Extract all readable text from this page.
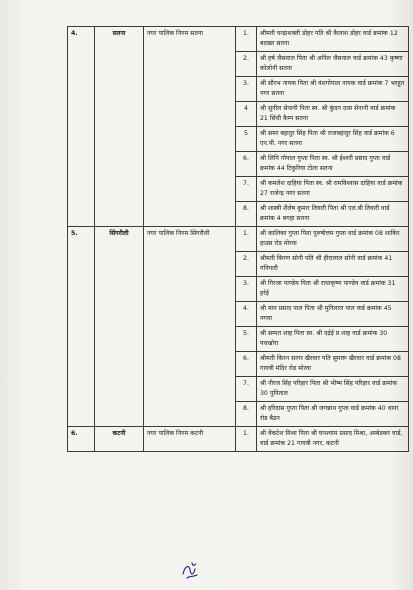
4.	सतना	नगर पालिक निगम सतना	1.	श्रीमती चन्द्राशक्ती डोहर पति श्री कैलाश डोहर वार्ड क्रमांक 12 बदखर सतना
			2.	श्री हर्ष जैसवाल पिता श्री अनिल जैसवाल वार्ड क्रमांक 43 कृष्णा कोलोनी सतना
			3.	श्री सौरभ नायक पिता श्री वंशगोपाल नायक वार्ड क्रमांक 7 भरहुत नगर सतना
			4	श्री सुनील सेनानी पिता स्व. श्री कुंदन दास सेनानी वार्ड क्रमांक 21 सिंधी कैम्प सतना
			5	श्री समर बहादुर सिंह पिता श्री राजबहादुर सिंह वार्ड क्रमांक 6 एन.पी. नगर सतना
			6.	श्री लिपि गोपाल गुप्ता पिता स्व. श्री ईश्वरी प्रसाद गुप्ता वार्ड क्रमांक 44 टिकुरिया टोला सतना
			7.	श्री कमलेश दाहिया पिता स्व. श्री रामविश्वास दाहिया वार्ड क्रमांक 27 राजेन्द्र नगर सतना
			8.	श्री शास्त्री शैलेष कुमार तिवारी पिता श्री एल.बी तिवारी वार्ड क्रमांक 4 बगहा सतना
5.	सिंगरौली	नगर पालिक निगम सिंगरौली	1.	श्री कालिका गुप्ता पिता पुरुषोत्तम गुप्ता वार्ड क्रमांक 08 शाकिर हाउस रोड मोरवा
			2.	श्रीमती किरण सोनी पति श्री हीरालाल सोनी वार्ड क्रमांक 41 गनियारी
			3.	श्री गिरजा पाण्डेय पिता श्री राधाकृष्ण पाण्डेय वार्ड क्रमांक 31 हर्रई
			4.	श्री मान प्रसाद पाल पिता श्री मुनिलाल पाल वार्ड क्रमांक 45 नगवा
			5.	श्री सम्पत शाह पिता स्व. श्री दर्द्रई प्र शाह वार्ड क्रमांक 30 पचखोरा
			6.	श्रीमती किरन सागर खैरवार पति सुमारू खैरवार वार्ड क्रमांक 08 गायत्री मंदिर रोड मोरवा
			7.	श्री नीरज सिंह परिहार पिता श्री भीष्म सिंह परिहार वार्ड क्रमांक 30 पुपिताल
			8.	श्री हरिदास गुप्ता पिता श्री जगन्नाथ गुप्ता वार्ड क्रमांक 40 थाना रोड बैढन
6.	कटनी	नगर पालिक निगम कटनी	1.	श्री वेंकटेश मिश्रा पिता श्री घनश्याम प्रसाद मिश्रा, अम्बेडकर वार्ड, वार्ड क्रमांक 21 गायत्री नगर, कटनी
